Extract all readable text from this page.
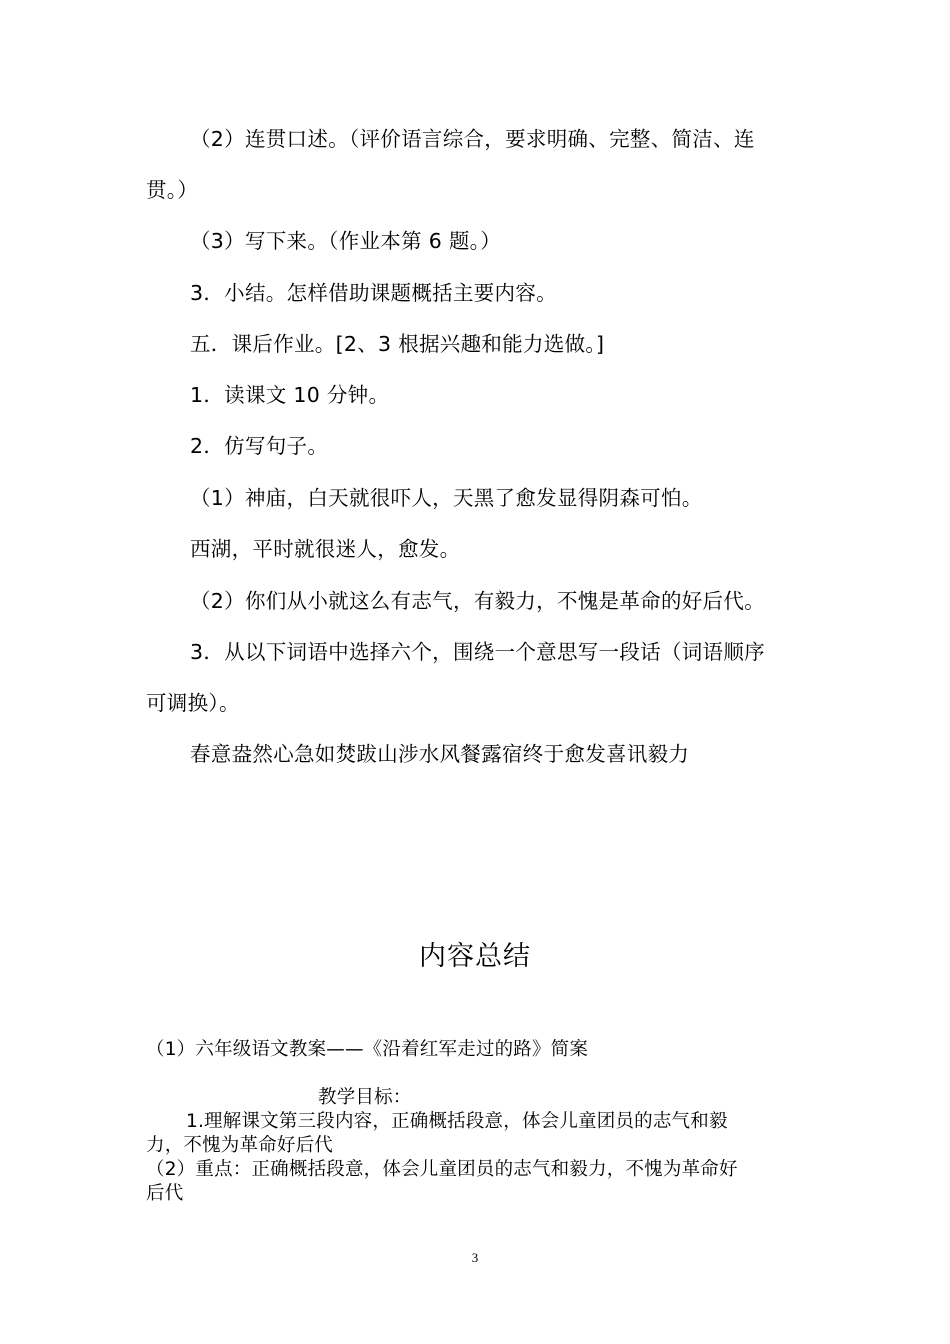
（2）连贯口述。（评价语言综合，要求明确、完整、简洁、连
贯。）
（3）写下来。（作业本第 6 题。）
3．小结。怎样借助课题概括主要内容。
五．课后作业。[2、3 根据兴趣和能力选做。]
1．读课文 10 分钟。
2．仿写句子。
（1）神庙，白天就很吓人，天黑了愈发显得阴森可怕。
西湖，平时就很迷人，愈发。
（2）你们从小就这么有志气，有毅力，不愧是革命的好后代。
3．从以下词语中选择六个，围绕一个意思写一段话（词语顺序
可调换）。
春意盎然心急如焚跋山涉水风餐露宿终于愈发喜讯毅力
内容总结
（1）六年级语文教案——《沿着红军走过的路》简案
教学目标：
1.理解课文第三段内容，正确概括段意，体会儿童团员的志气和毅
力，不愧为革命好后代
（2）重点：正确概括段意，体会儿童团员的志气和毅力，不愧为革命好
后代
3
